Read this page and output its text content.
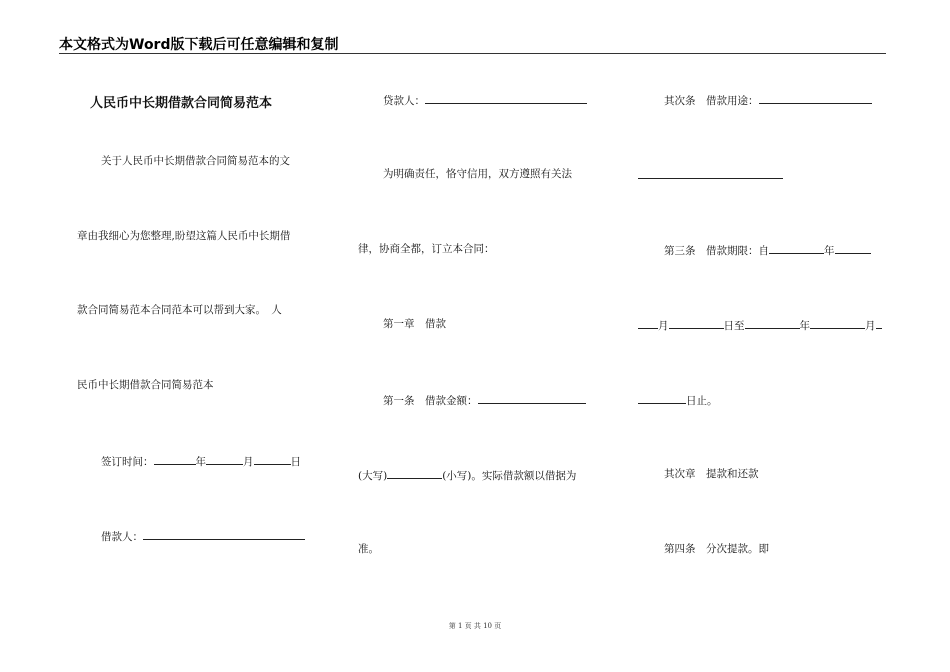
本文格式为Word版下载后可任意编辑和复制
人民币中长期借款合同简易范本
关于人民币中长期借款合同简易范本的文
章由我细心为您整理,盼望这篇人民币中长期借
款合同简易范本合同范本可以帮到大家。　人
民币中长期借款合同简易范本
签订时间：	年	月	日
借款人：
贷款人：
为明确责任，恪守信用，双方遵照有关法
律，协商全都，订立本合同：
第一章　借款
第一条　借款金额：
(大写)	(小写)。实际借款额以借据为
准。
其次条　借款用途：
第三条　借款期限：自	年
月	日至	年	月
日止。
其次章　提款和还款
第四条　分次提款。即
第 1 页 共 10 页
